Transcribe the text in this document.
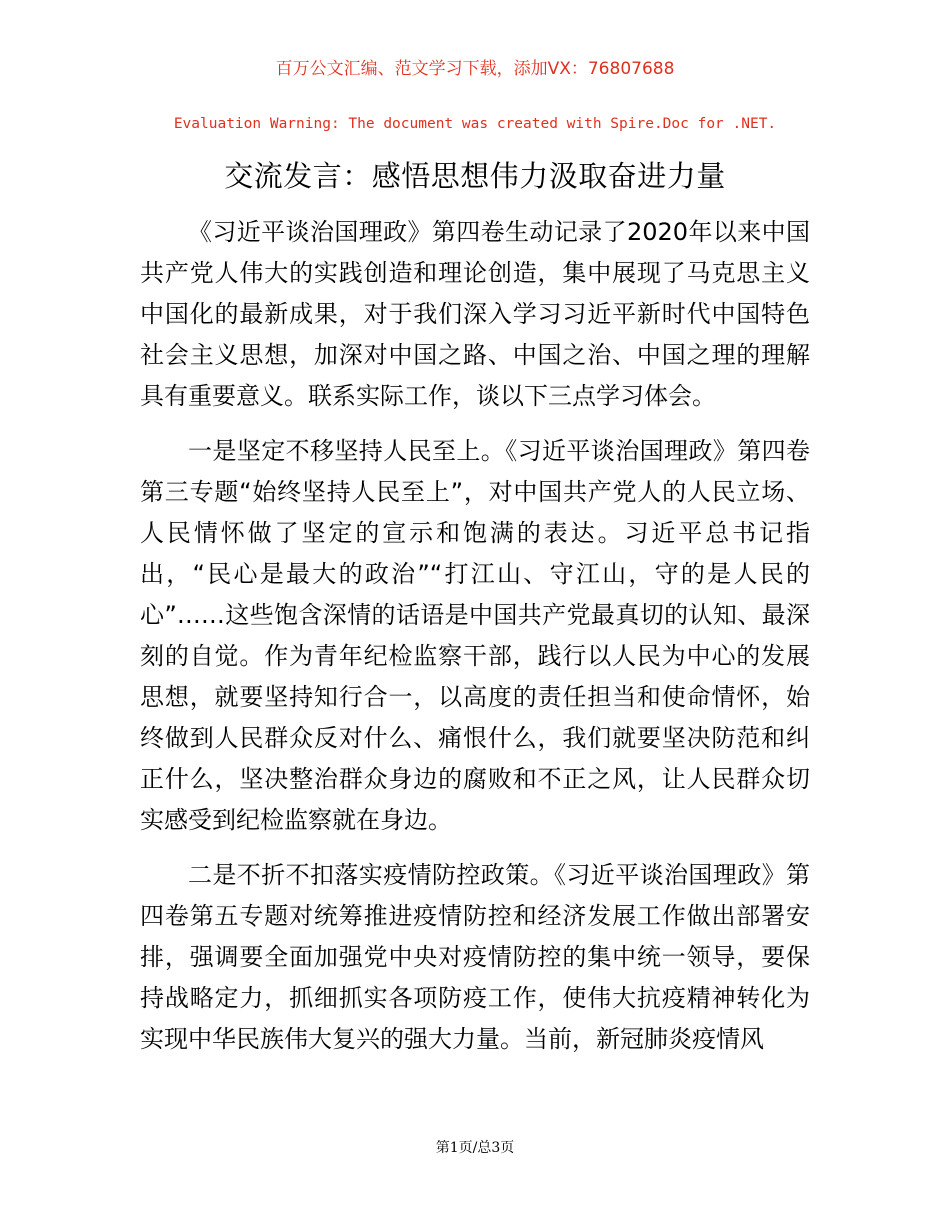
百万公文汇编、范文学习下载，添加VX：76807688
Evaluation Warning: The document was created with Spire.Doc for .NET.
交流发言：感悟思想伟力汲取奋进力量

《习近平谈治国理政》第四卷生动记录了2020年以来中国共产党人伟大的实践创造和理论创造，集中展现了马克思主义中国化的最新成果，对于我们深入学习习近平新时代中国特色社会主义思想，加深对中国之路、中国之治、中国之理的理解具有重要意义。联系实际工作，谈以下三点学习体会。

一是坚定不移坚持人民至上。《习近平谈治国理政》第四卷第三专题“始终坚持人民至上”，对中国共产党人的人民立场、人民情怀做了坚定的宣示和饱满的表达。习近平总书记指出，“民心是最大的政治”“打江山、守江山，守的是人民的心”……这些饱含深情的话语是中国共产党最真切的认知、最深刻的自觉。作为青年纪检监察干部，践行以人民为中心的发展思想，就要坚持知行合一，以高度的责任担当和使命情怀，始终做到人民群众反对什么、痛恨什么，我们就要坚决防范和纠正什么，坚决整治群众身边的腐败和不正之风，让人民群众切实感受到纪检监察就在身边。

二是不折不扣落实疫情防控政策。《习近平谈治国理政》第四卷第五专题对统筹推进疫情防控和经济发展工作做出部署安排，强调要全面加强党中央对疫情防控的集中统一领导，要保持战略定力，抓细抓实各项防疫工作，使伟大抗疫精神转化为实现中华民族伟大复兴的强大力量。当前，新冠肺炎疫情风

第1页/总3页
